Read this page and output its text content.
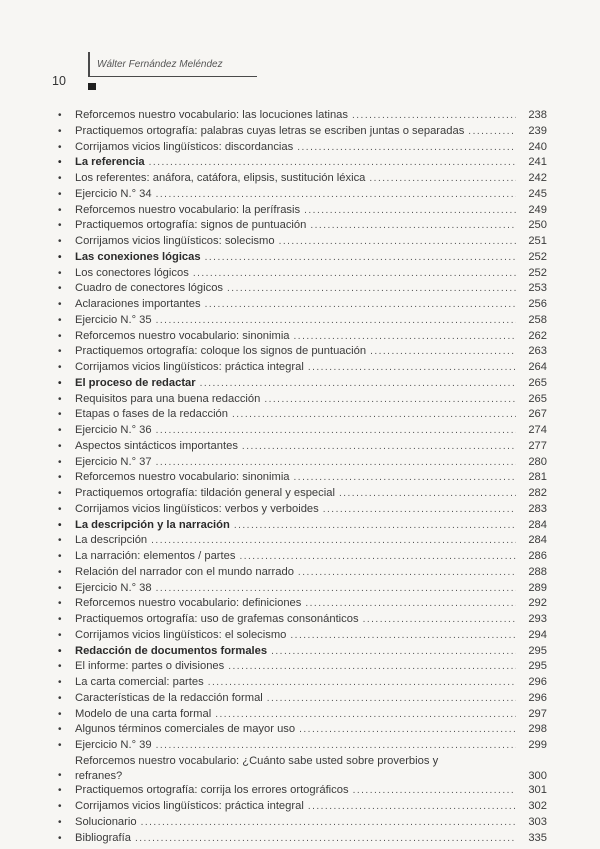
10
Wálter Fernández Meléndez
•	Reforcemos nuestro vocabulario: las locuciones latinas .....	238
•	Practiquemos ortografía: palabras cuyas letras se escriben juntas o separadas .....	239
•	Corrijamos vicios lingüísticos: discordancias .....	240
•	La referencia .....	241
•	Los referentes: anáfora, catáfora, elipsis, sustitución léxica .....	242
•	Ejercicio N.° 34 .....	245
•	Reforcemos nuestro vocabulario: la perífrasis .....	249
•	Practiquemos ortografía: signos de puntuación .....	250
•	Corrijamos vicios lingüísticos: solecismo .....	251
•	Las conexiones lógicas .....	252
•	Los conectores lógicos .....	252
•	Cuadro de conectores lógicos .....	253
•	Aclaraciones importantes .....	256
•	Ejercicio N.° 35 .....	258
•	Reforcemos nuestro vocabulario: sinonimia .....	262
•	Practiquemos ortografía: coloque los signos de puntuación .....	263
•	Corrijamos vicios lingüísticos: práctica integral .....	264
•	El proceso de redactar .....	265
•	Requisitos para una buena redacción .....	265
•	Etapas o fases de la redacción .....	267
•	Ejercicio N.° 36 .....	274
•	Aspectos sintácticos importantes .....	277
•	Ejercicio N.° 37 .....	280
•	Reforcemos nuestro vocabulario: sinonimia .....	281
•	Practiquemos ortografía: tildación general y especial .....	282
•	Corrijamos vicios lingüísticos: verbos y verboides .....	283
•	La descripción y la narración .....	284
•	La descripción .....	284
•	La narración: elementos / partes .....	286
•	Relación del narrador con el mundo narrado .....	288
•	Ejercicio N.° 38 .....	289
•	Reforcemos nuestro vocabulario: definiciones .....	292
•	Practiquemos ortografía: uso de grafemas consonánticos .....	293
•	Corrijamos vicios lingüísticos: el solecismo .....	294
•	Redacción de documentos formales .....	295
•	El informe: partes o divisiones .....	295
•	La carta comercial: partes .....	296
•	Características de la redacción formal .....	296
•	Modelo de una carta formal .....	297
•	Algunos términos comerciales de mayor uso .....	298
•	Ejercicio N.° 39 .....	299
•
Reforcemos nuestro vocabulario: ¿Cuánto sabe usted sobre proverbios y refranes?	300
•	Practiquemos ortografía: corrija los errores ortográficos .....	301
•	Corrijamos vicios lingüísticos: práctica integral .....	302
•	Solucionario .....	303
•	Bibliografía .....	335
